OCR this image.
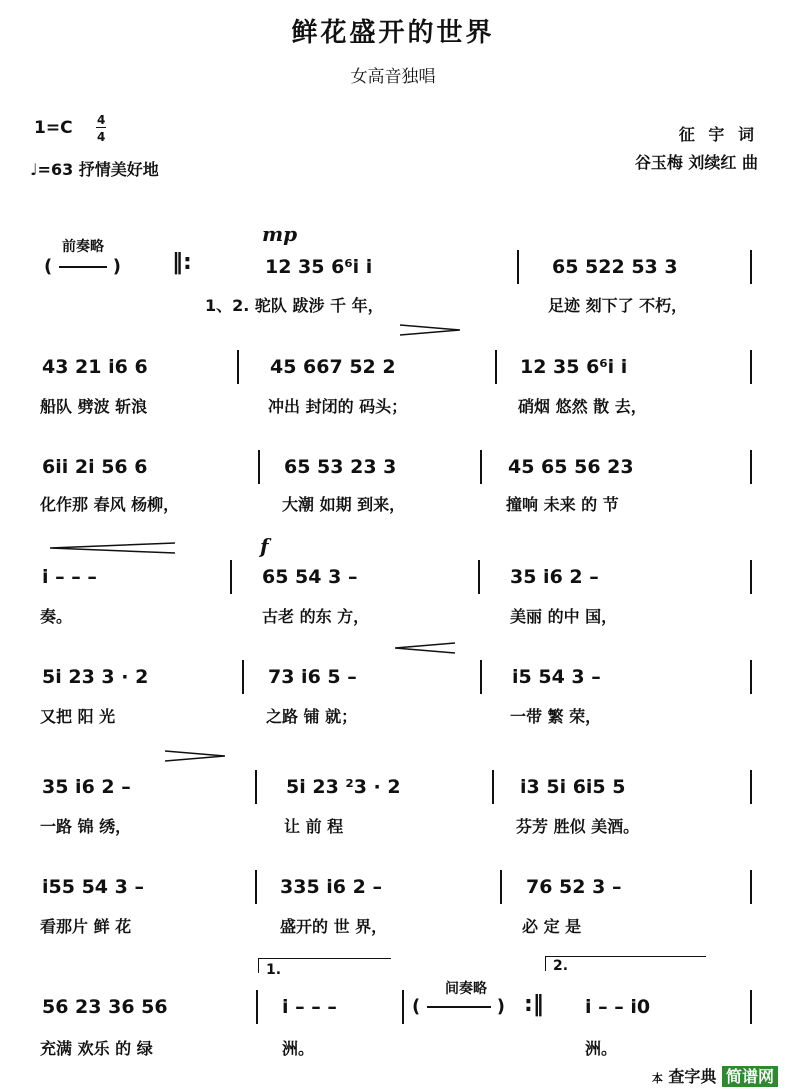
鲜花盛开的世界
女高音独唱
1=C 4
4
♩=63 抒情美好地
征 宇 词
谷玉梅 刘续红 曲
前奏略
(	) ‖:
mp
12 35 6⁶i i	65 522 53 3
1、2. 驼队 跋涉 千 年，	足迹 刻下了 不朽，
43 21 i6 6	45 667 52 2	12 35 6⁶i i
船队 劈波 斩浪	冲出 封闭的 码头；	硝烟 悠然 散 去，
6ii 2i 56 6	65 53 23 3	45 65 56 23
化作那 春风 杨柳，	大潮 如期 到来，	撞响 未来 的 节
f
i – – –	65 54 3 –	35 i6 2 –
奏。	古老 的东 方，	美丽 的中 国，
5i 23 3 · 2	73 i6 5 –	i5 54 3 –
又把 阳 光	之路 铺 就；	一带 繁 荣，
35 i6 2 –	5i 23 ²3 · 2	i3 5i 6i5 5
一路 锦 绣，	让 前 程	芬芳 胜似 美酒。
i55 54 3 –	335 i6 2 –	76 52 3 –
看那片 鲜 花	盛开的 世 界，	必 定 是
1.	2.
56 23 36 56	i – – –
间奏略
(	) :‖ i – – i0
充满 欢乐 的 绿	洲。	洲。
本 查字典 简谱网
